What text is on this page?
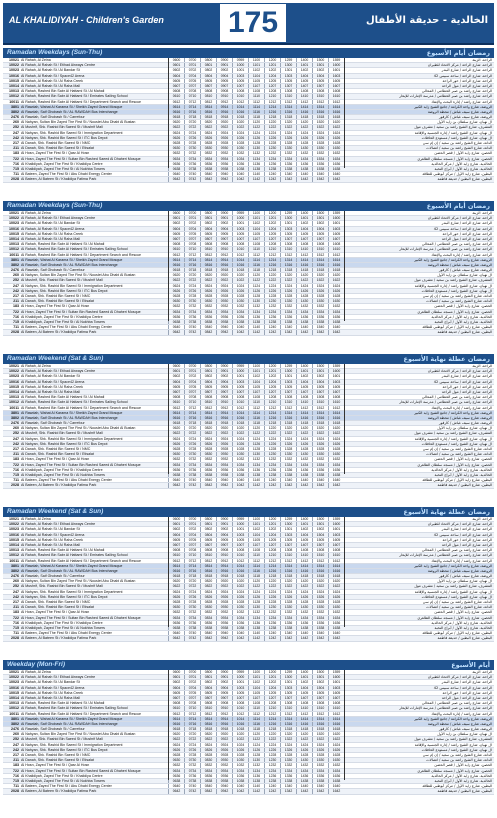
AL KHALIDIYAH - Children's Garden 175	الخالدية - حديقة الأطفال
Ramadan Weekdays (Sun-Thu)	رمضان أيام الأسبوع
10021 Al Rahah, Al Zeina	0600	0700	0800	0900	0959	1100	1200	1259	1400	1500	1559	الراحة، الزينة
10022 Al Rahah, Al Rahah St / Etihad Airways Centre	0601	0701	0801	0901	1000	1101	1201	1300	1401	1501	1600	الراحة، شارع الراحة / مركز الاتحاد للطيران
10023 Al Rahah, Al Rahah St / Al Bandar St	0602	0702	0802	0902	1001	1102	1202	1301	1402	1502	1601	الراحة، شارع الراحة / شارع البندر
10016 Al Rahah, Al Rahah St / Space42 Arena	0604	0704	0804	0904	1003	1104	1204	1303	1404	1504	1603	الراحة، شارع الراحة / ساحة سبيس 42
10015 Al Rahah, Al Rahah St / Al Raha Creek	0605	0705	0805	0905	1005	1105	1205	1305	1405	1505	1605	الراحة، شارع الراحة / خور الراحة
10014 Al Rahah, Al Rahah St / Al Raha Mall	0607	0707	0807	0907	1007	1107	1207	1307	1407	1507	1607	الراحة، شارع الراحة / مول الراحة
10013 Al Rahah, Rashed Bin Sabr Al Hattami St / Al Mahali	0608	0708	0808	0908	1008	1108	1208	1308	1408	1508	1608	الراحة، شارع راشد بن صبر الحطامي / المحالي
10012 Al Rahah, Rashed Bin Sabr Al Hattami St / Emirates Sailing School	0610	0710	0810	0910	1010	1110	1210	1310	1410	1510	1610	الراحة، شارع راشد بن صبر الحطامي / مدرسة الإمارات للإبحار
10011 Al Rahah, Rashed Bin Sabr Al Hattami St / Department Search and Rescue	0612	0712	0812	0912	1012	1112	1212	1312	1412	1512	1612	الراحة، شارع راشد / إدارة البحث والإنقاذ
3801 Al Rawdah, Wahat Al Karama St / Sheikh Zayed Grand Mosque	0614	0714	0814	0914	1014	1114	1214	1314	1414	1514	1614	الروضة، شارع واحة الكرامة / جامع الشيخ زايد الكبير
3802 Al Rawdah, Saif Ghobash St / AL RAWDAH Bus Interchange	0616	0716	0816	0916	1016	1116	1216	1316	1416	1516	1616	الروضة، شارع سيف غباش / محطة الروضة
2476 Al Rawdah, Saif Ghobash St / Carrefour	0618	0718	0818	0918	1018	1118	1218	1318	1418	1518	1618	الروضة، شارع سيف غباش / كارفور
260 Al Nahyan, Sultan Bin Zayed The First St / Nouslet Abu Dhabi Al Bustan	0620	0720	0820	0920	1020	1120	1220	1320	1420	1520	1620	آل نهيان، شارع سلطان بن زايد الأول
252 Al Mushrif, Shk. Rashid Bin Saeed St / Mushrif Mall	0622	0722	0822	0922	1022	1122	1222	1322	1422	1522	1622	المشرف، شارع الشيخ راشد بن سعيد / مشرف مول
247 Al Nahyan, Shk. Rashid Bin Saeed St / Immigration Department	0624	0724	0824	0924	1024	1124	1224	1324	1424	1524	1624	آل نهيان، شارع الشيخ راشد / إدارة الجنسية والإقامة
242 Al Nahyan, Shk. Rashid Bin Saeed St / ITC Bus Depot	0626	0726	0826	0926	1026	1126	1226	1326	1426	1526	1626	آل نهيان، شارع الشيخ راشد / مستودع الحافلات
217 Al Danah, Shk. Rashid Bin Saeed St / NMC	0628	0728	0828	0928	1028	1128	1228	1328	1428	1528	1628	الدانة، شارع الشيخ راشد بن سعيد / إن إم سي
211 Al Danah, Shk. Rashid Bin Saeed St / Etisalat	0630	0730	0830	0930	1030	1130	1230	1330	1430	1530	1630	الدانة، شارع الشيخ راشد بن سعيد / اتصالات
183 Al Hosn, Zayed The First St / Qasr Al Hosn	0632	0732	0832	0932	1032	1132	1232	1332	1432	1532	1632	الحصن، شارع زايد الأول / قصر الحصن
722 Al Hosn, Zayed The First St / Sultan Bin Rashed Saeed Al Dhaheri Mosque	0634	0734	0834	0934	1034	1134	1234	1334	1434	1534	1634	الحصن، شارع زايد الأول / مسجد سلطان الظاهري
716 Al Khalidiyah, Zayed The First St / Khalidiya Centre	0636	0736	0836	0936	1036	1136	1236	1336	1436	1536	1636	الخالدية، شارع زايد الأول / مركز الخالدية
715 Al Khalidiyah, Zayed The First St / Al Nukhba Towers	0638	0738	0838	0938	1038	1138	1238	1338	1438	1538	1638	الخالدية، شارع زايد الأول / أبراج النخبة
711 Al Bateen, Zayed The First St / Abu Dhabi Energy Center	0640	0740	0840	0940	1040	1140	1240	1340	1440	1540	1640	البطين، شارع زايد الأول / مركز أبوظبي للطاقة
2028 Al Bateen, Al Bateen St / Khalidiya Fatima Park	0642	0742	0842	0942	1042	1142	1242	1342	1442	1542	1642	البطين، شارع البطين / حديقة فاطمة
Ramadan Weekdays (Sun-Thu)	رمضان أيام الأسبوع
10021 Al Rahah, Al Zeina	0600	0700	0800	0900	0959	1100	1200	1259	1400	1500	1559	الراحة، الزينة
10022 Al Rahah, Al Rahah St / Etihad Airways Centre	0601	0701	0801	0901	1000	1101	1201	1300	1401	1501	1600	الراحة، شارع الراحة / مركز الاتحاد للطيران
10023 Al Rahah, Al Rahah St / Al Bandar St	0602	0702	0802	0902	1001	1102	1202	1301	1402	1502	1601	الراحة، شارع الراحة / شارع البندر
10016 Al Rahah, Al Rahah St / Space42 Arena	0604	0704	0804	0904	1003	1104	1204	1303	1404	1504	1603	الراحة، شارع الراحة / ساحة سبيس 42
10015 Al Rahah, Al Rahah St / Al Raha Creek	0605	0705	0805	0905	1005	1105	1205	1305	1405	1505	1605	الراحة، شارع الراحة / خور الراحة
10014 Al Rahah, Al Rahah St / Al Raha Mall	0607	0707	0807	0907	1007	1107	1207	1307	1407	1507	1607	الراحة، شارع الراحة / مول الراحة
10013 Al Rahah, Rashed Bin Sabr Al Hattami St / Al Mahali	0608	0708	0808	0908	1008	1108	1208	1308	1408	1508	1608	الراحة، شارع راشد بن صبر الحطامي / المحالي
10012 Al Rahah, Rashed Bin Sabr Al Hattami St / Emirates Sailing School	0610	0710	0810	0910	1010	1110	1210	1310	1410	1510	1610	الراحة، شارع راشد بن صبر الحطامي / مدرسة الإمارات للإبحار
10011 Al Rahah, Rashed Bin Sabr Al Hattami St / Department Search and Rescue	0612	0712	0812	0912	1012	1112	1212	1312	1412	1512	1612	الراحة، شارع راشد / إدارة البحث والإنقاذ
3801 Al Rawdah, Wahat Al Karama St / Sheikh Zayed Grand Mosque	0614	0714	0814	0914	1014	1114	1214	1314	1414	1514	1614	الروضة، شارع واحة الكرامة / جامع الشيخ زايد الكبير
3802 Al Rawdah, Saif Ghobash St / AL RAWDAH Bus Interchange	0616	0716	0816	0916	1016	1116	1216	1316	1416	1516	1616	الروضة، شارع سيف غباش / محطة الروضة
2476 Al Rawdah, Saif Ghobash St / Carrefour	0618	0718	0818	0918	1018	1118	1218	1318	1418	1518	1618	الروضة، شارع سيف غباش / كارفور
260 Al Nahyan, Sultan Bin Zayed The First St / Nouslet Abu Dhabi Al Bustan	0620	0720	0820	0920	1020	1120	1220	1320	1420	1520	1620	آل نهيان، شارع سلطان بن زايد الأول
252 Al Mushrif, Shk. Rashid Bin Saeed St / Mushrif Mall	0622	0722	0822	0922	1022	1122	1222	1322	1422	1522	1622	المشرف، شارع الشيخ راشد بن سعيد / مشرف مول
247 Al Nahyan, Shk. Rashid Bin Saeed St / Immigration Department	0624	0724	0824	0924	1024	1124	1224	1324	1424	1524	1624	آل نهيان، شارع الشيخ راشد / إدارة الجنسية والإقامة
242 Al Nahyan, Shk. Rashid Bin Saeed St / ITC Bus Depot	0626	0726	0826	0926	1026	1126	1226	1326	1426	1526	1626	آل نهيان، شارع الشيخ راشد / مستودع الحافلات
217 Al Danah, Shk. Rashid Bin Saeed St / NMC	0628	0728	0828	0928	1028	1128	1228	1328	1428	1528	1628	الدانة، شارع الشيخ راشد بن سعيد / إن إم سي
211 Al Danah, Shk. Rashid Bin Saeed St / Etisalat	0630	0730	0830	0930	1030	1130	1230	1330	1430	1530	1630	الدانة، شارع الشيخ راشد بن سعيد / اتصالات
183 Al Hosn, Zayed The First St / Qasr Al Hosn	0632	0732	0832	0932	1032	1132	1232	1332	1432	1532	1632	الحصن، شارع زايد الأول / قصر الحصن
722 Al Hosn, Zayed The First St / Sultan Bin Rashed Saeed Al Dhaheri Mosque	0634	0734	0834	0934	1034	1134	1234	1334	1434	1534	1634	الحصن، شارع زايد الأول / مسجد سلطان الظاهري
716 Al Khalidiyah, Zayed The First St / Khalidiya Centre	0636	0736	0836	0936	1036	1136	1236	1336	1436	1536	1636	الخالدية، شارع زايد الأول / مركز الخالدية
715 Al Khalidiyah, Zayed The First St / Al Nukhba Towers	0638	0738	0838	0938	1038	1138	1238	1338	1438	1538	1638	الخالدية، شارع زايد الأول / أبراج النخبة
711 Al Bateen, Zayed The First St / Abu Dhabi Energy Center	0640	0740	0840	0940	1040	1140	1240	1340	1440	1540	1640	البطين، شارع زايد الأول / مركز أبوظبي للطاقة
2028 Al Bateen, Al Bateen St / Khalidiya Fatima Park	0642	0742	0842	0942	1042	1142	1242	1342	1442	1542	1642	البطين، شارع البطين / حديقة فاطمة
Ramadan Weekend (Sat & Sun)	رمضان عطلة نهاية الأسبوع
10021 Al Rahah, Al Zeina	0600	0700	0800	0900	0959	1100	1200	1259	1400	1500	1559	الراحة، الزينة
10022 Al Rahah, Al Rahah St / Etihad Airways Centre	0601	0701	0801	0901	1000	1101	1201	1300	1401	1501	1600	الراحة، شارع الراحة / مركز الاتحاد للطيران
10023 Al Rahah, Al Rahah St / Al Bandar St	0602	0702	0802	0902	1001	1102	1202	1301	1402	1502	1601	الراحة، شارع الراحة / شارع البندر
10016 Al Rahah, Al Rahah St / Space42 Arena	0604	0704	0804	0904	1003	1104	1204	1303	1404	1504	1603	الراحة، شارع الراحة / ساحة سبيس 42
10015 Al Rahah, Al Rahah St / Al Raha Creek	0605	0705	0805	0905	1005	1105	1205	1305	1405	1505	1605	الراحة، شارع الراحة / خور الراحة
10014 Al Rahah, Al Rahah St / Al Raha Mall	0607	0707	0807	0907	1007	1107	1207	1307	1407	1507	1607	الراحة، شارع الراحة / مول الراحة
10013 Al Rahah, Rashed Bin Sabr Al Hattami St / Al Mahali	0608	0708	0808	0908	1008	1108	1208	1308	1408	1508	1608	الراحة، شارع راشد بن صبر الحطامي / المحالي
10012 Al Rahah, Rashed Bin Sabr Al Hattami St / Emirates Sailing School	0610	0710	0810	0910	1010	1110	1210	1310	1410	1510	1610	الراحة، شارع راشد بن صبر الحطامي / مدرسة الإمارات للإبحار
10011 Al Rahah, Rashed Bin Sabr Al Hattami St / Department Search and Rescue	0612	0712	0812	0912	1012	1112	1212	1312	1412	1512	1612	الراحة، شارع راشد / إدارة البحث والإنقاذ
3801 Al Rawdah, Wahat Al Karama St / Sheikh Zayed Grand Mosque	0614	0714	0814	0914	1014	1114	1214	1314	1414	1514	1614	الروضة، شارع واحة الكرامة / جامع الشيخ زايد الكبير
3802 Al Rawdah, Saif Ghobash St / AL RAWDAH Bus Interchange	0616	0716	0816	0916	1016	1116	1216	1316	1416	1516	1616	الروضة، شارع سيف غباش / محطة الروضة
2476 Al Rawdah, Saif Ghobash St / Carrefour	0618	0718	0818	0918	1018	1118	1218	1318	1418	1518	1618	الروضة، شارع سيف غباش / كارفور
260 Al Nahyan, Sultan Bin Zayed The First St / Nouslet Abu Dhabi Al Bustan	0620	0720	0820	0920	1020	1120	1220	1320	1420	1520	1620	آل نهيان، شارع سلطان بن زايد الأول
252 Al Mushrif, Shk. Rashid Bin Saeed St / Mushrif Mall	0622	0722	0822	0922	1022	1122	1222	1322	1422	1522	1622	المشرف، شارع الشيخ راشد بن سعيد / مشرف مول
247 Al Nahyan, Shk. Rashid Bin Saeed St / Immigration Department	0624	0724	0824	0924	1024	1124	1224	1324	1424	1524	1624	آل نهيان، شارع الشيخ راشد / إدارة الجنسية والإقامة
242 Al Nahyan, Shk. Rashid Bin Saeed St / ITC Bus Depot	0626	0726	0826	0926	1026	1126	1226	1326	1426	1526	1626	آل نهيان، شارع الشيخ راشد / مستودع الحافلات
217 Al Danah, Shk. Rashid Bin Saeed St / NMC	0628	0728	0828	0928	1028	1128	1228	1328	1428	1528	1628	الدانة، شارع الشيخ راشد بن سعيد / إن إم سي
211 Al Danah, Shk. Rashid Bin Saeed St / Etisalat	0630	0730	0830	0930	1030	1130	1230	1330	1430	1530	1630	الدانة، شارع الشيخ راشد بن سعيد / اتصالات
183 Al Hosn, Zayed The First St / Qasr Al Hosn	0632	0732	0832	0932	1032	1132	1232	1332	1432	1532	1632	الحصن، شارع زايد الأول / قصر الحصن
722 Al Hosn, Zayed The First St / Sultan Bin Rashed Saeed Al Dhaheri Mosque	0634	0734	0834	0934	1034	1134	1234	1334	1434	1534	1634	الحصن، شارع زايد الأول / مسجد سلطان الظاهري
716 Al Khalidiyah, Zayed The First St / Khalidiya Centre	0636	0736	0836	0936	1036	1136	1236	1336	1436	1536	1636	الخالدية، شارع زايد الأول / مركز الخالدية
715 Al Khalidiyah, Zayed The First St / Al Nukhba Towers	0638	0738	0838	0938	1038	1138	1238	1338	1438	1538	1638	الخالدية، شارع زايد الأول / أبراج النخبة
711 Al Bateen, Zayed The First St / Abu Dhabi Energy Center	0640	0740	0840	0940	1040	1140	1240	1340	1440	1540	1640	البطين، شارع زايد الأول / مركز أبوظبي للطاقة
2028 Al Bateen, Al Bateen St / Khalidiya Fatima Park	0642	0742	0842	0942	1042	1142	1242	1342	1442	1542	1642	البطين، شارع البطين / حديقة فاطمة
Ramadan Weekend (Sat & Sun)	رمضان عطلة نهاية الأسبوع
10021 Al Rahah, Al Zeina	0600	0700	0800	0900	0959	1100	1200	1259	1400	1500	1559	الراحة، الزينة
10022 Al Rahah, Al Rahah St / Etihad Airways Centre	0601	0701	0801	0901	1000	1101	1201	1300	1401	1501	1600	الراحة، شارع الراحة / مركز الاتحاد للطيران
10023 Al Rahah, Al Rahah St / Al Bandar St	0602	0702	0802	0902	1001	1102	1202	1301	1402	1502	1601	الراحة، شارع الراحة / شارع البندر
10016 Al Rahah, Al Rahah St / Space42 Arena	0604	0704	0804	0904	1003	1104	1204	1303	1404	1504	1603	الراحة، شارع الراحة / ساحة سبيس 42
10015 Al Rahah, Al Rahah St / Al Raha Creek	0605	0705	0805	0905	1005	1105	1205	1305	1405	1505	1605	الراحة، شارع الراحة / خور الراحة
10014 Al Rahah, Al Rahah St / Al Raha Mall	0607	0707	0807	0907	1007	1107	1207	1307	1407	1507	1607	الراحة، شارع الراحة / مول الراحة
10013 Al Rahah, Rashed Bin Sabr Al Hattami St / Al Mahali	0608	0708	0808	0908	1008	1108	1208	1308	1408	1508	1608	الراحة، شارع راشد بن صبر الحطامي / المحالي
10012 Al Rahah, Rashed Bin Sabr Al Hattami St / Emirates Sailing School	0610	0710	0810	0910	1010	1110	1210	1310	1410	1510	1610	الراحة، شارع راشد بن صبر الحطامي / مدرسة الإمارات للإبحار
10011 Al Rahah, Rashed Bin Sabr Al Hattami St / Department Search and Rescue	0612	0712	0812	0912	1012	1112	1212	1312	1412	1512	1612	الراحة، شارع راشد / إدارة البحث والإنقاذ
3801 Al Rawdah, Wahat Al Karama St / Sheikh Zayed Grand Mosque	0614	0714	0814	0914	1014	1114	1214	1314	1414	1514	1614	الروضة، شارع واحة الكرامة / جامع الشيخ زايد الكبير
3802 Al Rawdah, Saif Ghobash St / AL RAWDAH Bus Interchange	0616	0716	0816	0916	1016	1116	1216	1316	1416	1516	1616	الروضة، شارع سيف غباش / محطة الروضة
2476 Al Rawdah, Saif Ghobash St / Carrefour	0618	0718	0818	0918	1018	1118	1218	1318	1418	1518	1618	الروضة، شارع سيف غباش / كارفور
260 Al Nahyan, Sultan Bin Zayed The First St / Nouslet Abu Dhabi Al Bustan	0620	0720	0820	0920	1020	1120	1220	1320	1420	1520	1620	آل نهيان، شارع سلطان بن زايد الأول
252 Al Mushrif, Shk. Rashid Bin Saeed St / Mushrif Mall	0622	0722	0822	0922	1022	1122	1222	1322	1422	1522	1622	المشرف، شارع الشيخ راشد بن سعيد / مشرف مول
247 Al Nahyan, Shk. Rashid Bin Saeed St / Immigration Department	0624	0724	0824	0924	1024	1124	1224	1324	1424	1524	1624	آل نهيان، شارع الشيخ راشد / إدارة الجنسية والإقامة
242 Al Nahyan, Shk. Rashid Bin Saeed St / ITC Bus Depot	0626	0726	0826	0926	1026	1126	1226	1326	1426	1526	1626	آل نهيان، شارع الشيخ راشد / مستودع الحافلات
217 Al Danah, Shk. Rashid Bin Saeed St / NMC	0628	0728	0828	0928	1028	1128	1228	1328	1428	1528	1628	الدانة، شارع الشيخ راشد بن سعيد / إن إم سي
211 Al Danah, Shk. Rashid Bin Saeed St / Etisalat	0630	0730	0830	0930	1030	1130	1230	1330	1430	1530	1630	الدانة، شارع الشيخ راشد بن سعيد / اتصالات
183 Al Hosn, Zayed The First St / Qasr Al Hosn	0632	0732	0832	0932	1032	1132	1232	1332	1432	1532	1632	الحصن، شارع زايد الأول / قصر الحصن
722 Al Hosn, Zayed The First St / Sultan Bin Rashed Saeed Al Dhaheri Mosque	0634	0734	0834	0934	1034	1134	1234	1334	1434	1534	1634	الحصن، شارع زايد الأول / مسجد سلطان الظاهري
716 Al Khalidiyah, Zayed The First St / Khalidiya Centre	0636	0736	0836	0936	1036	1136	1236	1336	1436	1536	1636	الخالدية، شارع زايد الأول / مركز الخالدية
715 Al Khalidiyah, Zayed The First St / Al Nukhba Towers	0638	0738	0838	0938	1038	1138	1238	1338	1438	1538	1638	الخالدية، شارع زايد الأول / أبراج النخبة
711 Al Bateen, Zayed The First St / Abu Dhabi Energy Center	0640	0740	0840	0940	1040	1140	1240	1340	1440	1540	1640	البطين، شارع زايد الأول / مركز أبوظبي للطاقة
2028 Al Bateen, Al Bateen St / Khalidiya Fatima Park	0642	0742	0842	0942	1042	1142	1242	1342	1442	1542	1642	البطين، شارع البطين / حديقة فاطمة
Weekday (Mon-Fri)	أيام الأسبوع
10021 Al Rahah, Al Zeina	0600	0700	0800	0900	0959	1100	1200	1259	1400	1500	1559	الراحة، الزينة
10022 Al Rahah, Al Rahah St / Etihad Airways Centre	0601	0701	0801	0901	1000	1101	1201	1300	1401	1501	1600	الراحة، شارع الراحة / مركز الاتحاد للطيران
10023 Al Rahah, Al Rahah St / Al Bandar St	0602	0702	0802	0902	1001	1102	1202	1301	1402	1502	1601	الراحة، شارع الراحة / شارع البندر
10016 Al Rahah, Al Rahah St / Space42 Arena	0604	0704	0804	0904	1003	1104	1204	1303	1404	1504	1603	الراحة، شارع الراحة / ساحة سبيس 42
10015 Al Rahah, Al Rahah St / Al Raha Creek	0605	0705	0805	0905	1005	1105	1205	1305	1405	1505	1605	الراحة، شارع الراحة / خور الراحة
10014 Al Rahah, Al Rahah St / Al Raha Mall	0607	0707	0807	0907	1007	1107	1207	1307	1407	1507	1607	الراحة، شارع الراحة / مول الراحة
10013 Al Rahah, Rashed Bin Sabr Al Hattami St / Al Mahali	0608	0708	0808	0908	1008	1108	1208	1308	1408	1508	1608	الراحة، شارع راشد بن صبر الحطامي / المحالي
10012 Al Rahah, Rashed Bin Sabr Al Hattami St / Emirates Sailing School	0610	0710	0810	0910	1010	1110	1210	1310	1410	1510	1610	الراحة، شارع راشد بن صبر الحطامي / مدرسة الإمارات للإبحار
10011 Al Rahah, Rashed Bin Sabr Al Hattami St / Department Search and Rescue	0612	0712	0812	0912	1012	1112	1212	1312	1412	1512	1612	الراحة، شارع راشد / إدارة البحث والإنقاذ
3801 Al Rawdah, Wahat Al Karama St / Sheikh Zayed Grand Mosque	0614	0714	0814	0914	1014	1114	1214	1314	1414	1514	1614	الروضة، شارع واحة الكرامة / جامع الشيخ زايد الكبير
3802 Al Rawdah, Saif Ghobash St / AL RAWDAH Bus Interchange	0616	0716	0816	0916	1016	1116	1216	1316	1416	1516	1616	الروضة، شارع سيف غباش / محطة الروضة
2476 Al Rawdah, Saif Ghobash St / Carrefour	0618	0718	0818	0918	1018	1118	1218	1318	1418	1518	1618	الروضة، شارع سيف غباش / كارفور
260 Al Nahyan, Sultan Bin Zayed The First St / Nouslet Abu Dhabi Al Bustan	0620	0720	0820	0920	1020	1120	1220	1320	1420	1520	1620	آل نهيان، شارع سلطان بن زايد الأول
252 Al Mushrif, Shk. Rashid Bin Saeed St / Mushrif Mall	0622	0722	0822	0922	1022	1122	1222	1322	1422	1522	1622	المشرف، شارع الشيخ راشد بن سعيد / مشرف مول
247 Al Nahyan, Shk. Rashid Bin Saeed St / Immigration Department	0624	0724	0824	0924	1024	1124	1224	1324	1424	1524	1624	آل نهيان، شارع الشيخ راشد / إدارة الجنسية والإقامة
242 Al Nahyan, Shk. Rashid Bin Saeed St / ITC Bus Depot	0626	0726	0826	0926	1026	1126	1226	1326	1426	1526	1626	آل نهيان، شارع الشيخ راشد / مستودع الحافلات
217 Al Danah, Shk. Rashid Bin Saeed St / NMC	0628	0728	0828	0928	1028	1128	1228	1328	1428	1528	1628	الدانة، شارع الشيخ راشد بن سعيد / إن إم سي
211 Al Danah, Shk. Rashid Bin Saeed St / Etisalat	0630	0730	0830	0930	1030	1130	1230	1330	1430	1530	1630	الدانة، شارع الشيخ راشد بن سعيد / اتصالات
183 Al Hosn, Zayed The First St / Qasr Al Hosn	0632	0732	0832	0932	1032	1132	1232	1332	1432	1532	1632	الحصن، شارع زايد الأول / قصر الحصن
722 Al Hosn, Zayed The First St / Sultan Bin Rashed Saeed Al Dhaheri Mosque	0634	0734	0834	0934	1034	1134	1234	1334	1434	1534	1634	الحصن، شارع زايد الأول / مسجد سلطان الظاهري
716 Al Khalidiyah, Zayed The First St / Khalidiya Centre	0636	0736	0836	0936	1036	1136	1236	1336	1436	1536	1636	الخالدية، شارع زايد الأول / مركز الخالدية
715 Al Khalidiyah, Zayed The First St / Al Nukhba Towers	0638	0738	0838	0938	1038	1138	1238	1338	1438	1538	1638	الخالدية، شارع زايد الأول / أبراج النخبة
711 Al Bateen, Zayed The First St / Abu Dhabi Energy Center	0640	0740	0840	0940	1040	1140	1240	1340	1440	1540	1640	البطين، شارع زايد الأول / مركز أبوظبي للطاقة
2028 Al Bateen, Al Bateen St / Khalidiya Fatima Park	0642	0742	0842	0942	1042	1142	1242	1342	1442	1542	1642	البطين، شارع البطين / حديقة فاطمة
